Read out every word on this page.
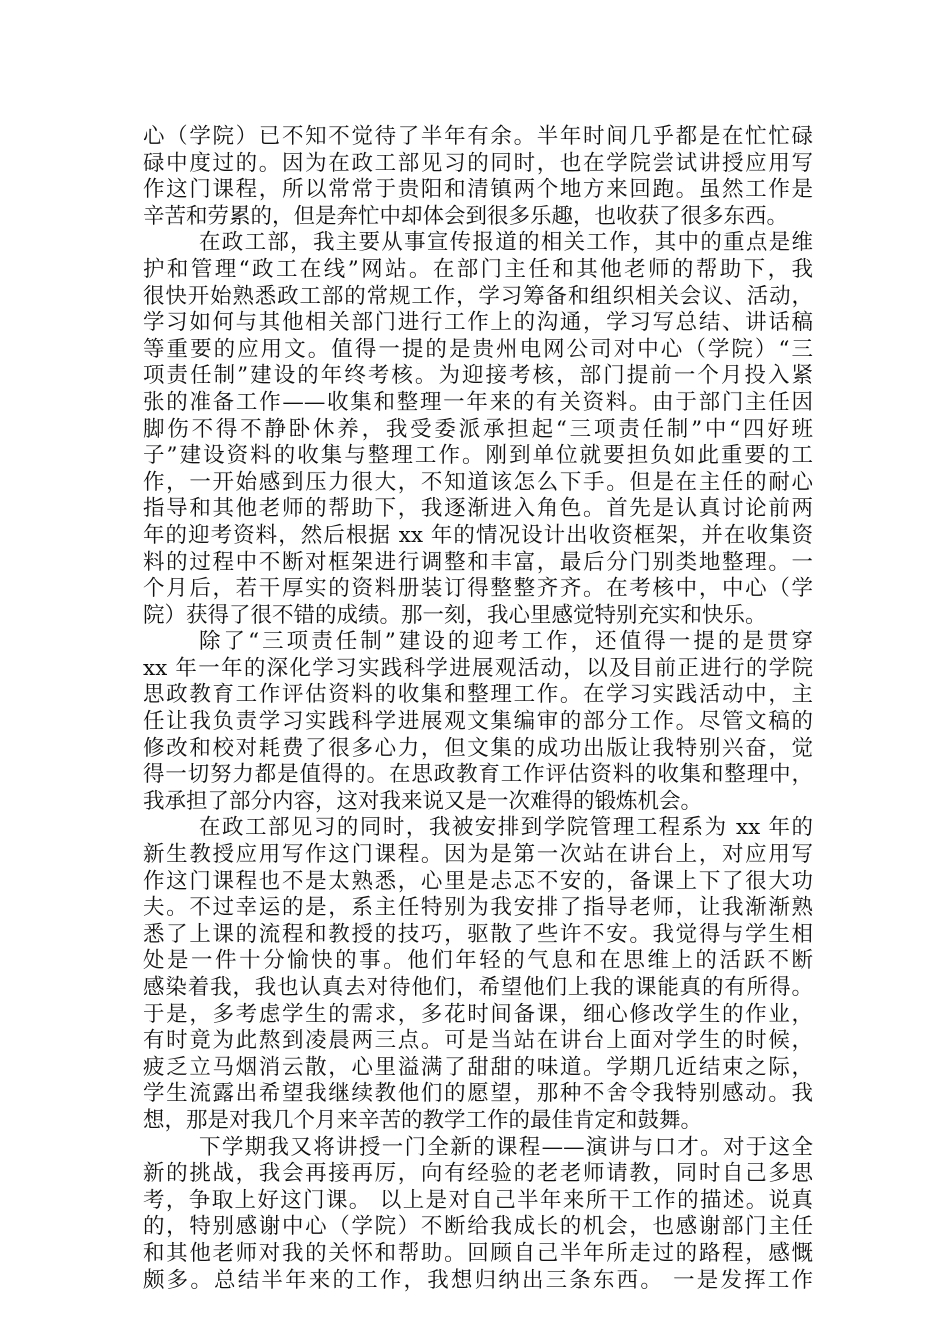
心（学院）已不知不觉待了半年有余。半年时间几乎都是在忙忙碌
碌中度过的。因为在政工部见习的同时，也在学院尝试讲授应用写
作这门课程，所以常常于贵阳和清镇两个地方来回跑。虽然工作是
辛苦和劳累的，但是奔忙中却体会到很多乐趣，也收获了很多东西。
在政工部，我主要从事宣传报道的相关工作，其中的重点是维
护和管理“政工在线”网站。在部门主任和其他老师的帮助下，我
很快开始熟悉政工部的常规工作，学习筹备和组织相关会议、活动，
学习如何与其他相关部门进行工作上的沟通，学习写总结、讲话稿
等重要的应用文。值得一提的是贵州电网公司对中心（学院）“三
项责任制”建设的年终考核。为迎接考核，部门提前一个月投入紧
张的准备工作——收集和整理一年来的有关资料。由于部门主任因
脚伤不得不静卧休养，我受委派承担起“三项责任制”中“四好班
子”建设资料的收集与整理工作。刚到单位就要担负如此重要的工
作，一开始感到压力很大，不知道该怎么下手。但是在主任的耐心
指导和其他老师的帮助下，我逐渐进入角色。首先是认真讨论前两
年的迎考资料，然后根据 xx 年的情况设计出收资框架，并在收集资
料的过程中不断对框架进行调整和丰富，最后分门别类地整理。一
个月后，若干厚实的资料册装订得整整齐齐。在考核中，中心（学
院）获得了很不错的成绩。那一刻，我心里感觉特别充实和快乐。
除了“三项责任制”建设的迎考工作，还值得一提的是贯穿
xx 年一年的深化学习实践科学进展观活动，以及目前正进行的学院
思政教育工作评估资料的收集和整理工作。在学习实践活动中，主
任让我负责学习实践科学进展观文集编审的部分工作。尽管文稿的
修改和校对耗费了很多心力，但文集的成功出版让我特别兴奋，觉
得一切努力都是值得的。在思政教育工作评估资料的收集和整理中，
我承担了部分内容，这对我来说又是一次难得的锻炼机会。
在政工部见习的同时，我被安排到学院管理工程系为 xx 年的
新生教授应用写作这门课程。因为是第一次站在讲台上，对应用写
作这门课程也不是太熟悉，心里是忐忑不安的，备课上下了很大功
夫。不过幸运的是，系主任特别为我安排了指导老师，让我渐渐熟
悉了上课的流程和教授的技巧，驱散了些许不安。我觉得与学生相
处是一件十分愉快的事。他们年轻的气息和在思维上的活跃不断
感染着我，我也认真去对待他们，希望他们上我的课能真的有所得。
于是，多考虑学生的需求，多花时间备课，细心修改学生的作业，
有时竟为此熬到凌晨两三点。可是当站在讲台上面对学生的时候，
疲乏立马烟消云散，心里溢满了甜甜的味道。学期几近结束之际，
学生流露出希望我继续教他们的愿望，那种不舍令我特别感动。我
想，那是对我几个月来辛苦的教学工作的最佳肯定和鼓舞。
下学期我又将讲授一门全新的课程——演讲与口才。对于这全
新的挑战，我会再接再厉，向有经验的老老师请教，同时自己多思
考，争取上好这门课。 以上是对自己半年来所干工作的描述。说真
的，特别感谢中心（学院）不断给我成长的机会，也感谢部门主任
和其他老师对我的关怀和帮助。回顾自己半年所走过的路程，感慨
颇多。总结半年来的工作，我想归纳出三条东西。 一是发挥工作
